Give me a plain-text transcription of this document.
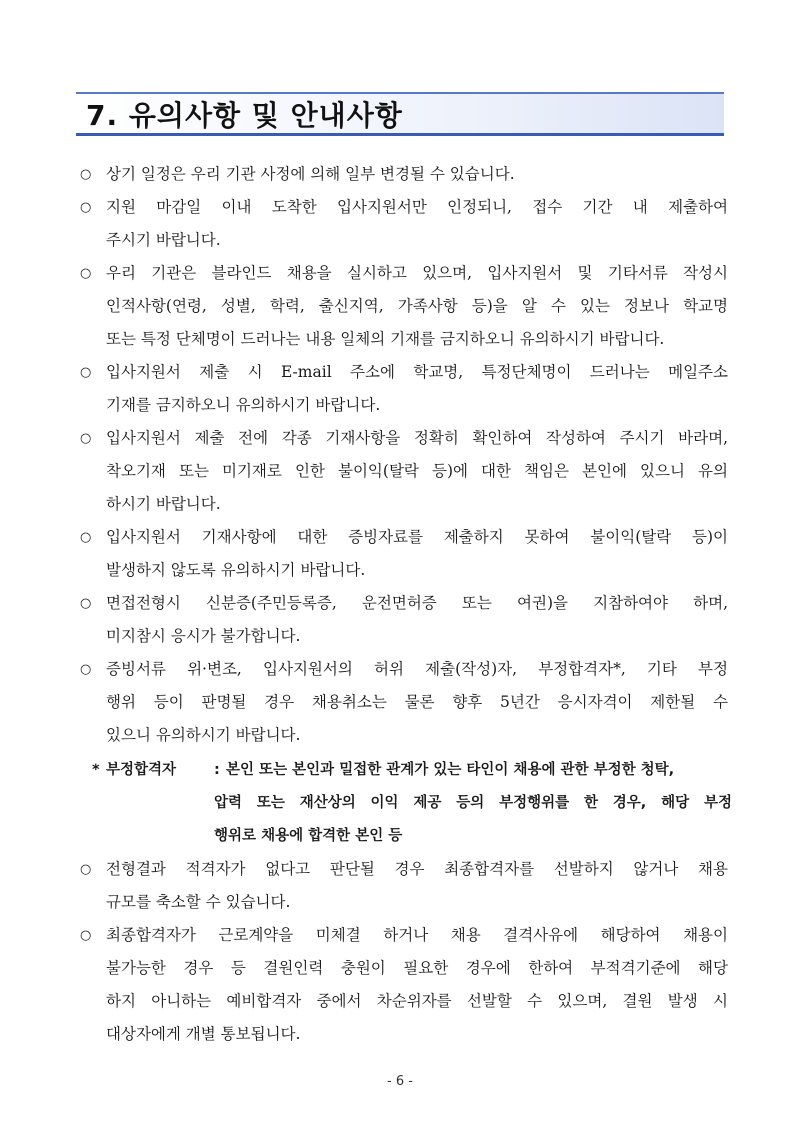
7. 유의사항 및 안내사항
○ 상기 일정은 우리 기관 사정에 의해 일부 변경될 수 있습니다.
○ 지원 마감일 이내 도착한 입사지원서만 인정되니, 접수 기간 내 제출하여
주시기 바랍니다.
○ 우리 기관은 블라인드 채용을 실시하고 있으며, 입사지원서 및 기타서류 작성시
인적사항(연령, 성별, 학력, 출신지역, 가족사항 등)을 알 수 있는 정보나 학교명
또는 특정 단체명이 드러나는 내용 일체의 기재를 금지하오니 유의하시기 바랍니다.
○ 입사지원서 제출 시 E-mail 주소에 학교명, 특정단체명이 드러나는 메일주소
기재를 금지하오니 유의하시기 바랍니다.
○ 입사지원서 제출 전에 각종 기재사항을 정확히 확인하여 작성하여 주시기 바라며,
착오기재 또는 미기재로 인한 불이익(탈락 등)에 대한 책임은 본인에 있으니 유의
하시기 바랍니다.
○ 입사지원서 기재사항에 대한 증빙자료를 제출하지 못하여 불이익(탈락 등)이
발생하지 않도록 유의하시기 바랍니다.
○ 면접전형시 신분증(주민등록증, 운전면허증 또는 여권)을 지참하여야 하며,
미지참시 응시가 불가합니다.
○ 증빙서류 위·변조, 입사지원서의 허위 제출(작성)자, 부정합격자*, 기타 부정
행위 등이 판명될 경우 채용취소는 물론 향후 5년간 응시자격이 제한될 수
있으니 유의하시기 바랍니다.
* 부정합격자	: 본인 또는 본인과 밀접한 관계가 있는 타인이 채용에 관한 부정한 청탁,
압력 또는 재산상의 이익 제공 등의 부정행위를 한 경우, 해당 부정
행위로 채용에 합격한 본인 등
○ 전형결과 적격자가 없다고 판단될 경우 최종합격자를 선발하지 않거나 채용
규모를 축소할 수 있습니다.
○ 최종합격자가 근로계약을 미체결 하거나 채용 결격사유에 해당하여 채용이
불가능한 경우 등 결원인력 충원이 필요한 경우에 한하여 부적격기준에 해당
하지 아니하는 예비합격자 중에서 차순위자를 선발할 수 있으며, 결원 발생 시
대상자에게 개별 통보됩니다.
- 6 -
